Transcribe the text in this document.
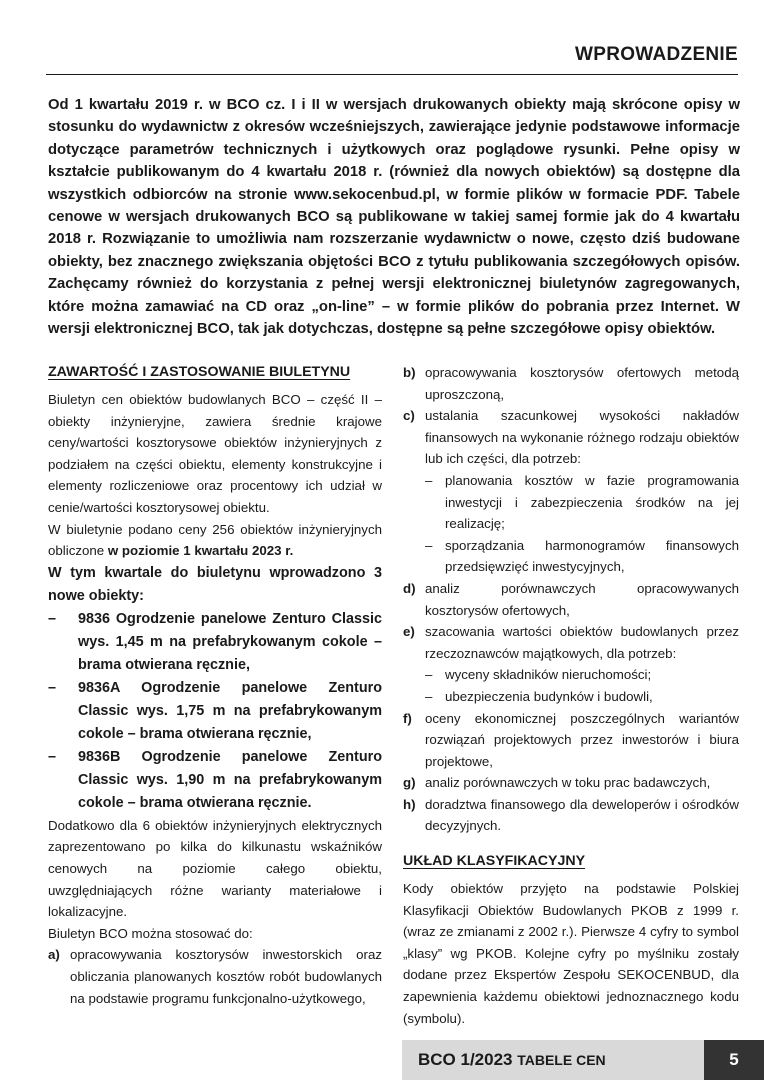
WPROWADZENIE
Od 1 kwartału 2019 r. w BCO cz. I i II w wersjach drukowanych obiekty mają skrócone opisy w stosunku do wydawnictw z okresów wcześniejszych, zawierające jedynie podstawowe informacje dotyczące parametrów technicznych i użytkowych oraz poglądowe rysunki. Pełne opisy w kształcie publikowanym do 4 kwartału 2018 r. (również dla nowych obiektów) są dostępne dla wszystkich odbiorców na stronie www.sekocenbud.pl, w formie plików w formacie PDF. Tabele cenowe w wersjach drukowanych BCO są publikowane w takiej samej formie jak do 4 kwartału 2018 r. Rozwiązanie to umożliwia nam rozszerzanie wydawnictw o nowe, często dziś budowane obiekty, bez znacznego zwiększania objętości BCO z tytułu publikowania szczegółowych opisów. Zachęcamy również do korzystania z pełnej wersji elektronicznej biuletynów zagregowanych, które można zamawiać na CD oraz „on-line” – w formie plików do pobrania przez Internet. W wersji elektronicznej BCO, tak jak dotychczas, dostępne są pełne szczegółowe opisy obiektów.
ZAWARTOŚĆ I ZASTOSOWANIE BIULETYNU

Biuletyn cen obiektów budowlanych BCO – część II – obiekty inżynieryjne, zawiera średnie krajowe ceny/wartości kosztorysowe obiektów inżynieryjnych z podziałem na części obiektu, elementy konstrukcyjne i elementy rozliczeniowe oraz procentowy ich udział w cenie/wartości kosztorysowej obiektu.

W biuletynie podano ceny 256 obiektów inżynieryjnych obliczone w poziomie 1 kwartału 2023 r.

W tym kwartale do biuletynu wprowadzono 3 nowe obiekty:

– 9836 Ogrodzenie panelowe Zenturo Classic wys. 1,45 m na prefabrykowanym cokole – brama otwierana ręcznie,
– 9836A Ogrodzenie panelowe Zenturo Classic wys. 1,75 m na prefabrykowanym cokole – brama otwierana ręcznie,
– 9836B Ogrodzenie panelowe Zenturo Classic wys. 1,90 m na prefabrykowanym cokole – brama otwierana ręcznie.

Dodatkowo dla 6 obiektów inżynieryjnych elektrycznych zaprezentowano po kilka do kilkunastu wskaźników cenowych na poziomie całego obiektu, uwzględniających różne warianty materiałowe i lokalizacyjne.

Biuletyn BCO można stosować do:

a) opracowywania kosztorysów inwestorskich oraz obliczania planowanych kosztów robót budowlanych na podstawie programu funkcjonalno-użytkowego,
b) opracowywania kosztorysów ofertowych metodą uproszczoną,
c) ustalania szacunkowej wysokości nakładów finansowych na wykonanie różnego rodzaju obiektów lub ich części, dla potrzeb:
– planowania kosztów w fazie programowania inwestycji i zabezpieczenia środków na jej realizację;
– sporządzania harmonogramów finansowych przedsięwzięć inwestycyjnych,
d) analiz porównawczych opracowywanych kosztorysów ofertowych,
e) szacowania wartości obiektów budowlanych przez rzeczoznawców majątkowych, dla potrzeb:
– wyceny składników nieruchomości;
– ubezpieczenia budynków i budowli,
f) oceny ekonomicznej poszczególnych wariantów rozwiązań projektowych przez inwestorów i biura projektowe,
g) analiz porównawczych w toku prac badawczych,
h) doradztwa finansowego dla deweloperów i ośrodków decyzyjnych.
UKŁAD KLASYFIKACYJNY

Kody obiektów przyjęto na podstawie Polskiej Klasyfikacji Obiektów Budowlanych PKOB z 1999 r. (wraz ze zmianami z 2002 r.). Pierwsze 4 cyfry to symbol „klasy” wg PKOB. Kolejne cyfry po myślniku zostały dodane przez Ekspertów Zespołu SEKOCENBUD, dla zapewnienia każdemu obiektowi jednoznacznego kodu (symbolu).

BCO 1/2023 TABELE CEN	5
